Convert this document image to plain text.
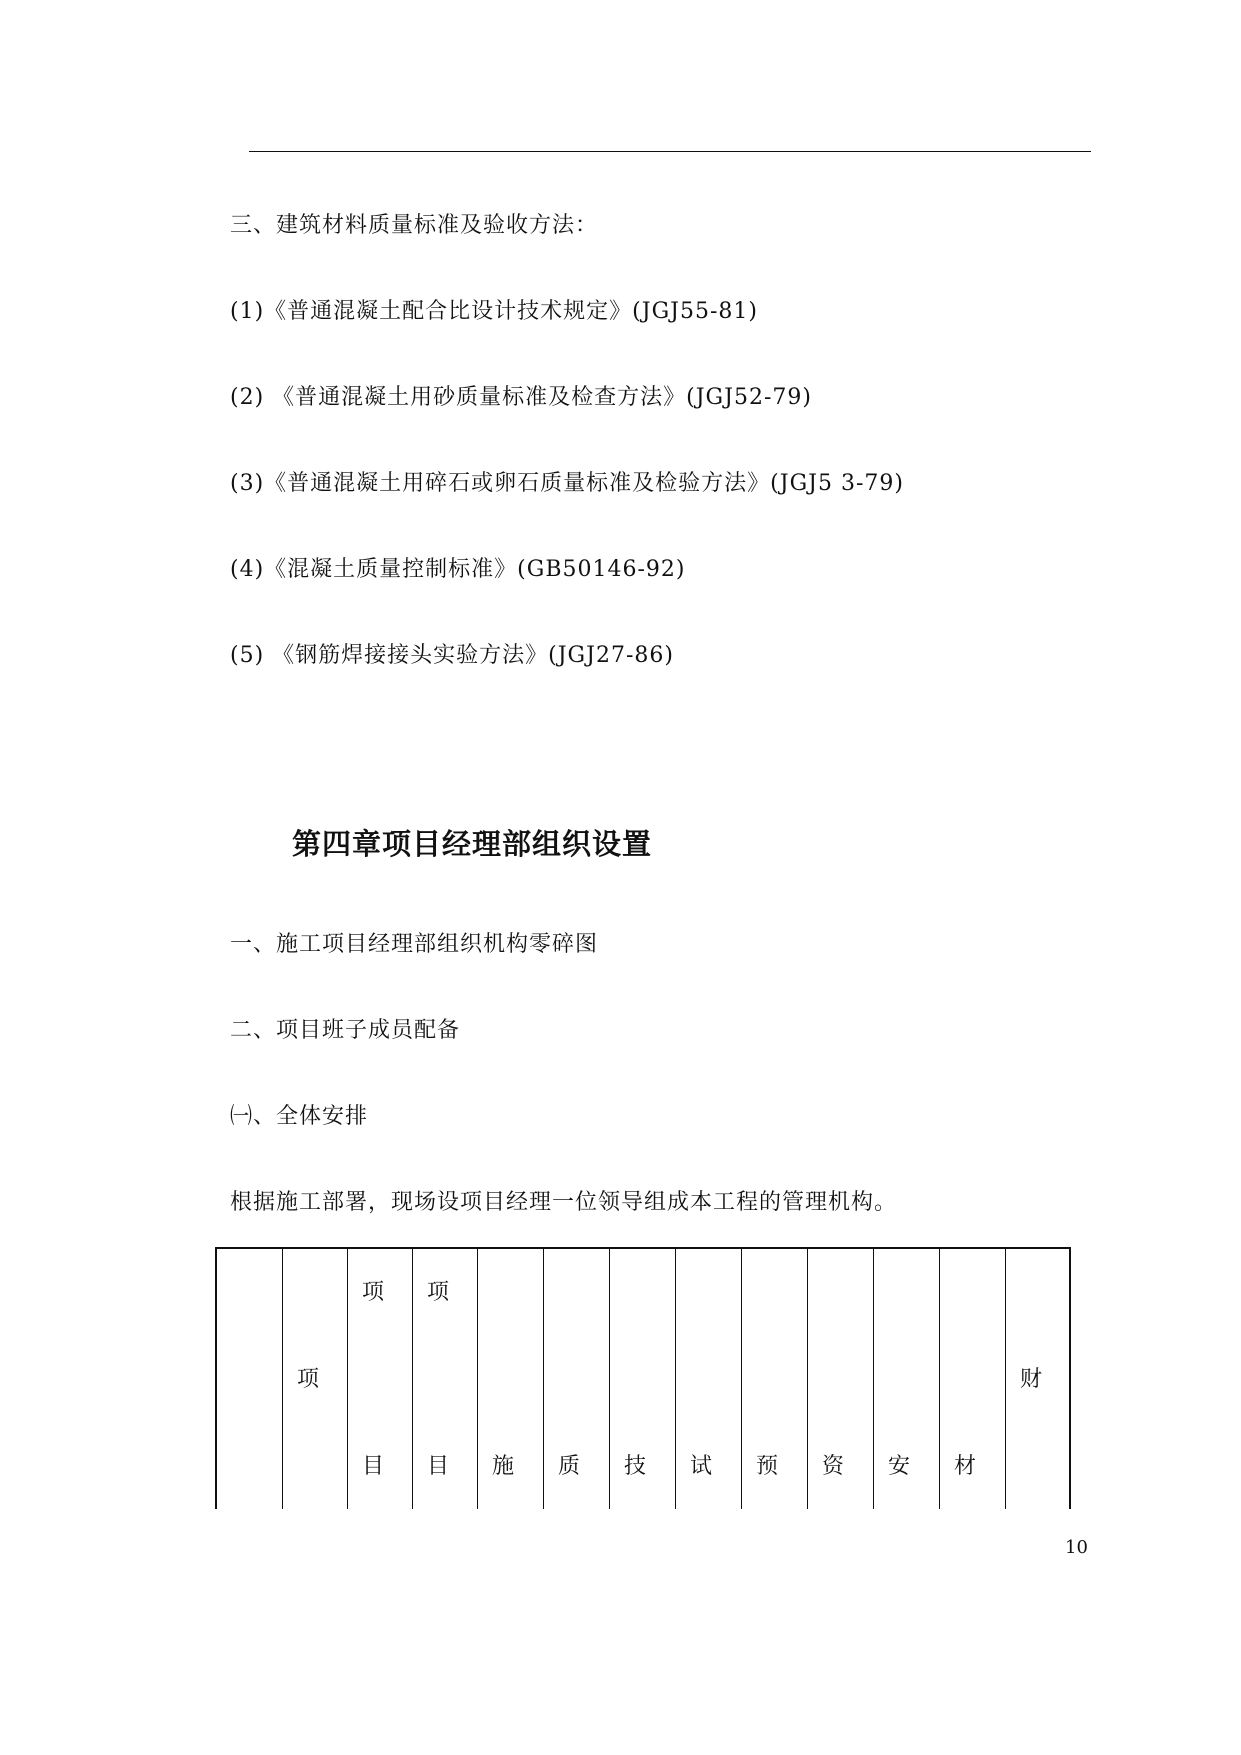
三、建筑材料质量标准及验收方法：
(1)《普通混凝土配合比设计技术规定》(JGJ55-81)
(2) 《普通混凝土用砂质量标准及检查方法》(JGJ52-79)
(3)《普通混凝土用碎石或卵石质量标准及检验方法》(JGJ5 3-79)
(4)《混凝土质量控制标准》(GB50146-92)
(5) 《钢筋焊接接头实验方法》(JGJ27-86)
第四章项目经理部组织设置
一、施工项目经理部组织机构零碎图
二、项目班子成员配备
㈠、全体安排
根据施工部署，现场设项目经理一位领导组成本工程的管理机构。
项
项
目
项
目 施 质 技 试 预 资 安 材
财
10
